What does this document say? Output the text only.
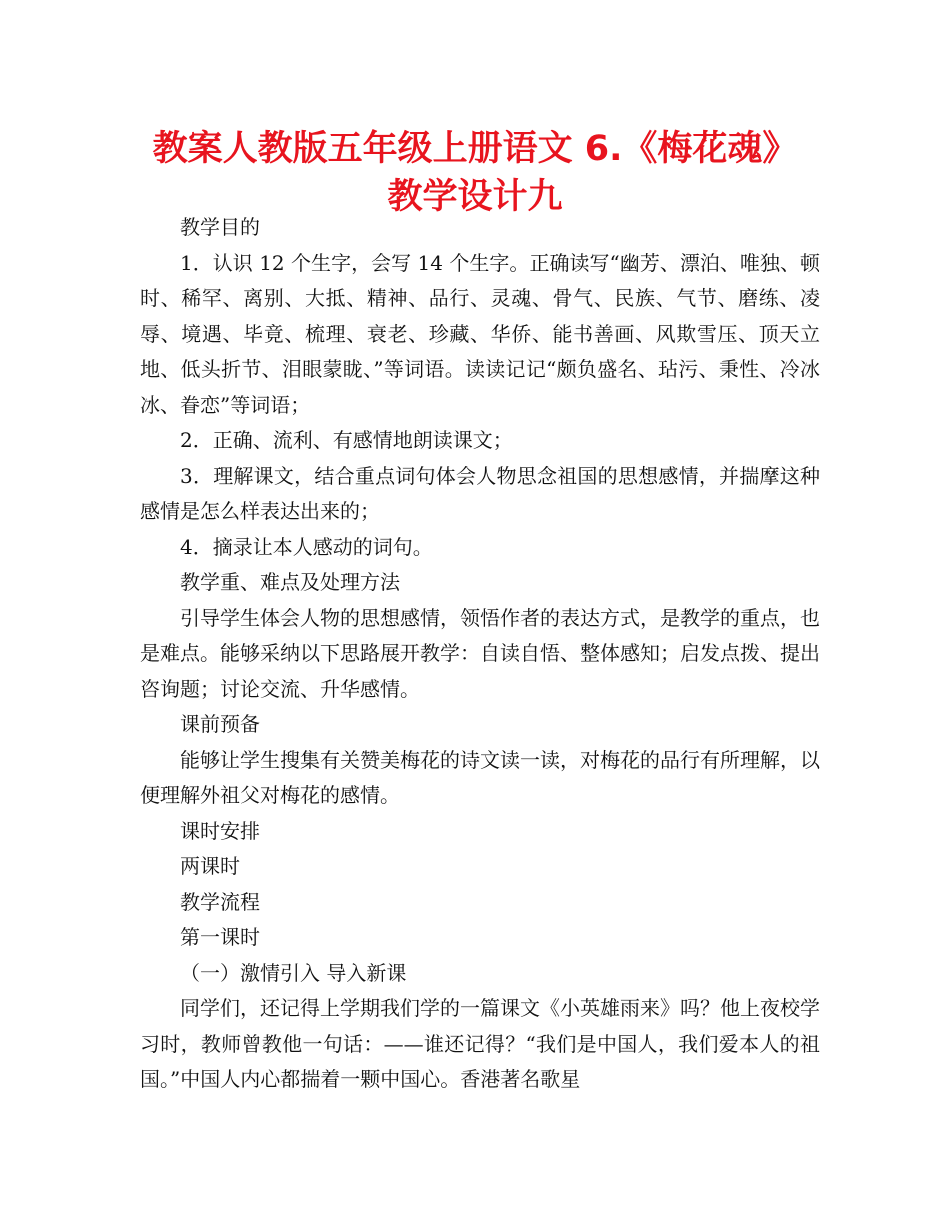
教案人教版五年级上册语文 6.《梅花魂》
教学设计九

教学目的

1．认识 12 个生字，会写 14 个生字。正确读写“幽芳、漂泊、唯独、顿时、稀罕、离别、大抵、精神、品行、灵魂、骨气、民族、气节、磨练、凌辱、境遇、毕竟、梳理、衰老、珍藏、华侨、能书善画、风欺雪压、顶天立地、低头折节、泪眼蒙眬、”等词语。读读记记“颇负盛名、玷污、秉性、冷冰冰、眷恋”等词语；

2．正确、流利、有感情地朗读课文；

3．理解课文，结合重点词句体会人物思念祖国的思想感情，并揣摩这种感情是怎么样表达出来的；

4．摘录让本人感动的词句。

教学重、难点及处理方法

引导学生体会人物的思想感情，领悟作者的表达方式，是教学的重点，也是难点。能够采纳以下思路展开教学：自读自悟、整体感知；启发点拨、提出咨询题；讨论交流、升华感情。

课前预备

能够让学生搜集有关赞美梅花的诗文读一读，对梅花的品行有所理解，以便理解外祖父对梅花的感情。

课时安排

两课时

教学流程

第一课时

（一）激情引入 导入新课

同学们，还记得上学期我们学的一篇课文《小英雄雨来》吗？他上夜校学习时，教师曾教他一句话：——谁还记得？“我们是中国人，我们爱本人的祖国。”中国人内心都揣着一颗中国心。香港著名歌星
